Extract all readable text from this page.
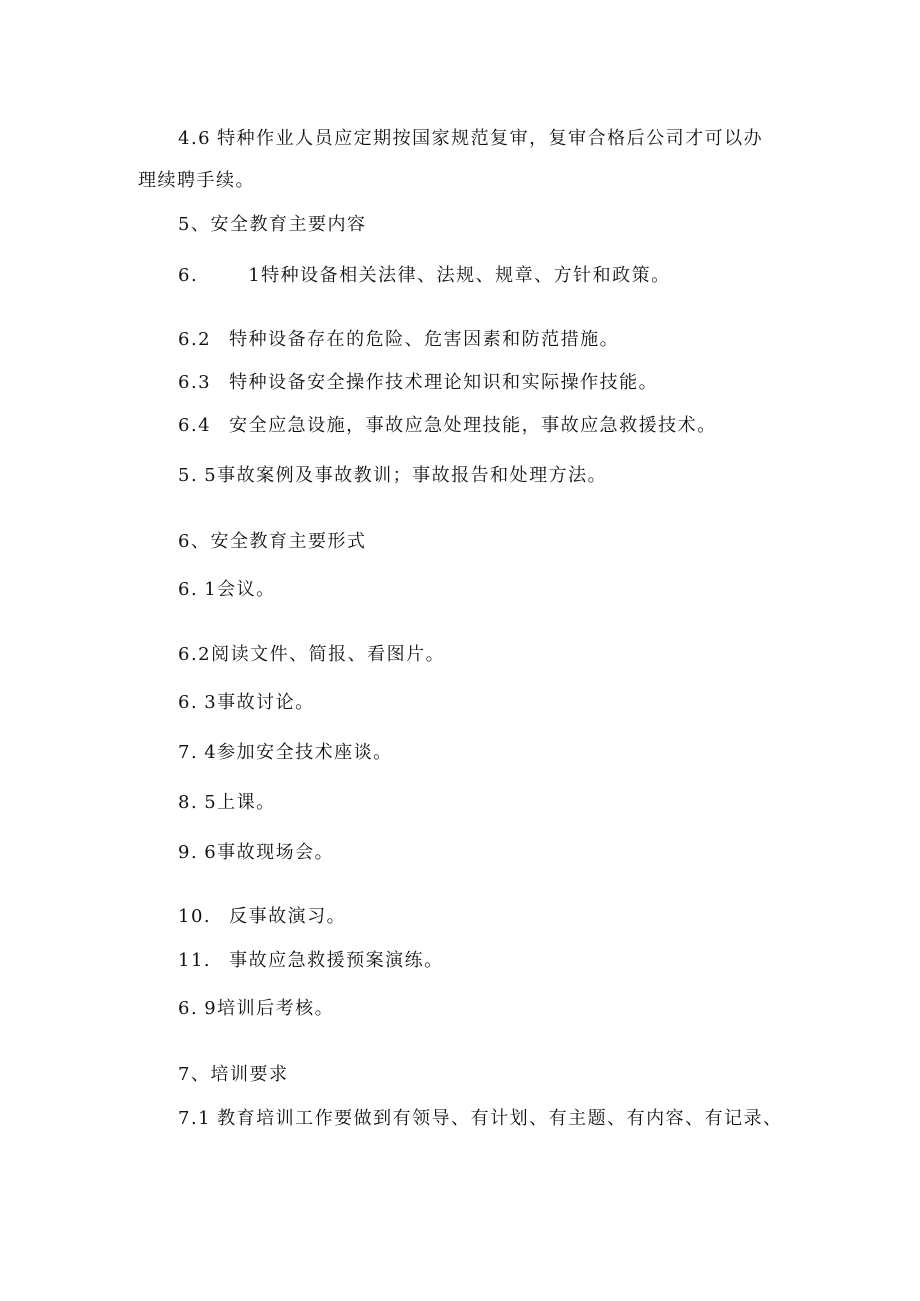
4.6 特种作业人员应定期按国家规范复审，复审合格后公司才可以办
理续聘手续。
5、安全教育主要内容
6.	1特种设备相关法律、法规、规章、方针和政策。
6.2 特种设备存在的危险、危害因素和防范措施。
6.3 特种设备安全操作技术理论知识和实际操作技能。
6.4 安全应急设施，事故应急处理技能，事故应急救援技术。
5. 5事故案例及事故教训；事故报告和处理方法。
6、安全教育主要形式
6. 1会议。
6.2阅读文件、简报、看图片。
6. 3事故讨论。
7. 4参加安全技术座谈。
8. 5上课。
9. 6事故现场会。
10. 反事故演习。
11. 事故应急救援预案演练。
6. 9培训后考核。
7、培训要求
7.1 教育培训工作要做到有领导、有计划、有主题、有内容、有记录、
